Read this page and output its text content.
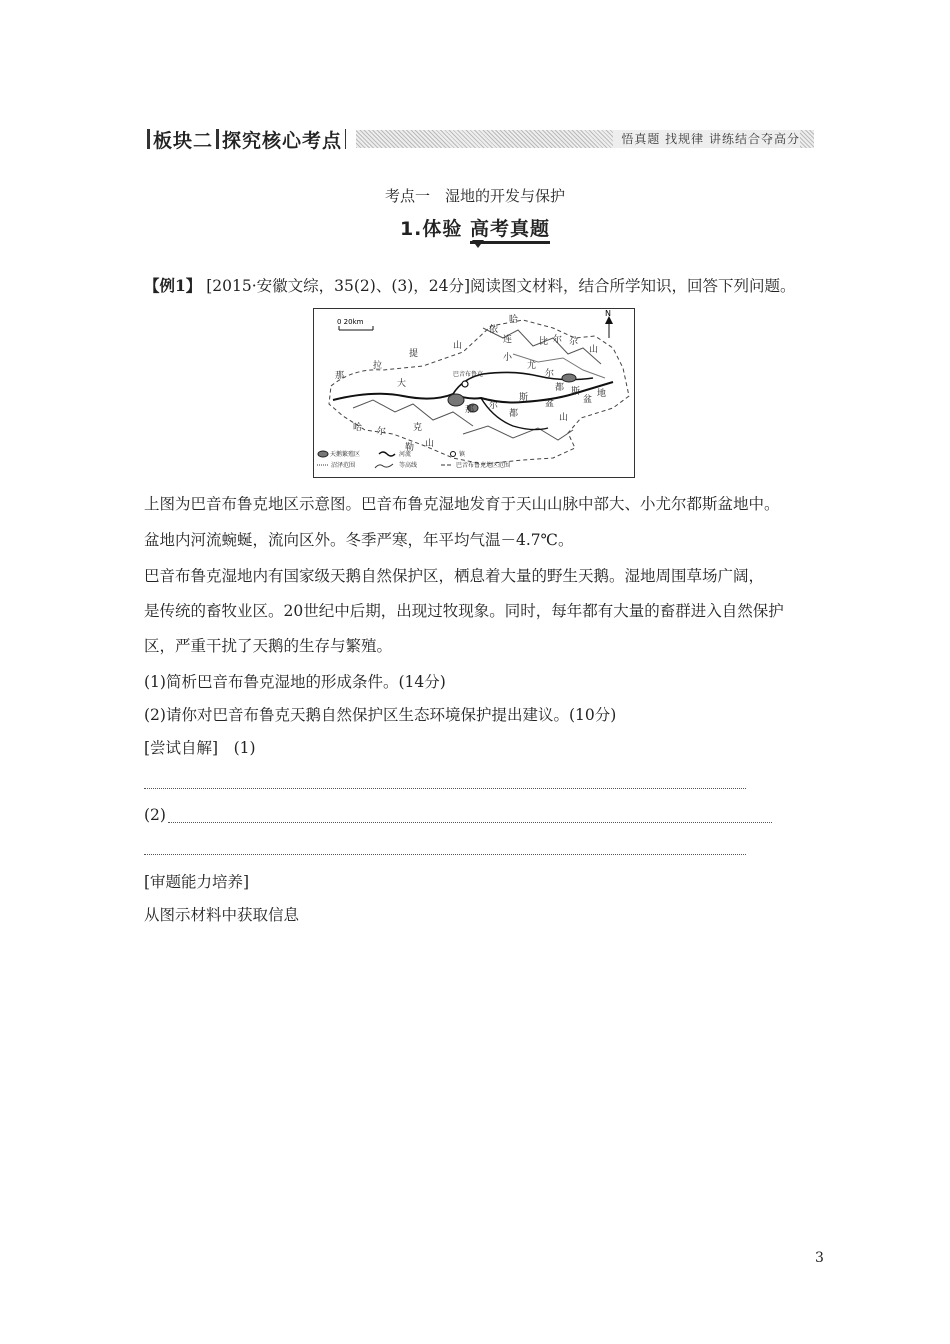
板块二 探究核心考点	悟真题 找规律 讲练结合夺高分
考点一　湿地的开发与保护
1.体验 高考真题
【例1】 [2015·安徽文综，35(2)、(3)，24分]阅读图文材料，结合所学知识，回答下列问题。
0 20km
N
那
拉
提
山
大
哈 尔	克
山
勒
巴音布鲁克
那 尔
都
斯
盆
山
依
连
哈
比 尔 尕
山
小
尤
尔
都 斯
盆
地
天鹅繁殖区	河流	镇
沼泽范围	等高线	巴音布鲁克地区范围
上图为巴音布鲁克地区示意图。巴音布鲁克湿地发育于天山山脉中部大、小尤尔都斯盆地中。
盆地内河流蜿蜒，流向区外。冬季严寒，年平均气温－4.7℃。
巴音布鲁克湿地内有国家级天鹅自然保护区，栖息着大量的野生天鹅。湿地周围草场广阔，
是传统的畜牧业区。20世纪中后期，出现过牧现象。同时，每年都有大量的畜群进入自然保护
区，严重干扰了天鹅的生存与繁殖。
(1)简析巴音布鲁克湿地的形成条件。(14分)
(2)请你对巴音布鲁克天鹅自然保护区生态环境保护提出建议。(10分)
[尝试自解]　(1)
(2)
[审题能力培养]
从图示材料中获取信息
3
